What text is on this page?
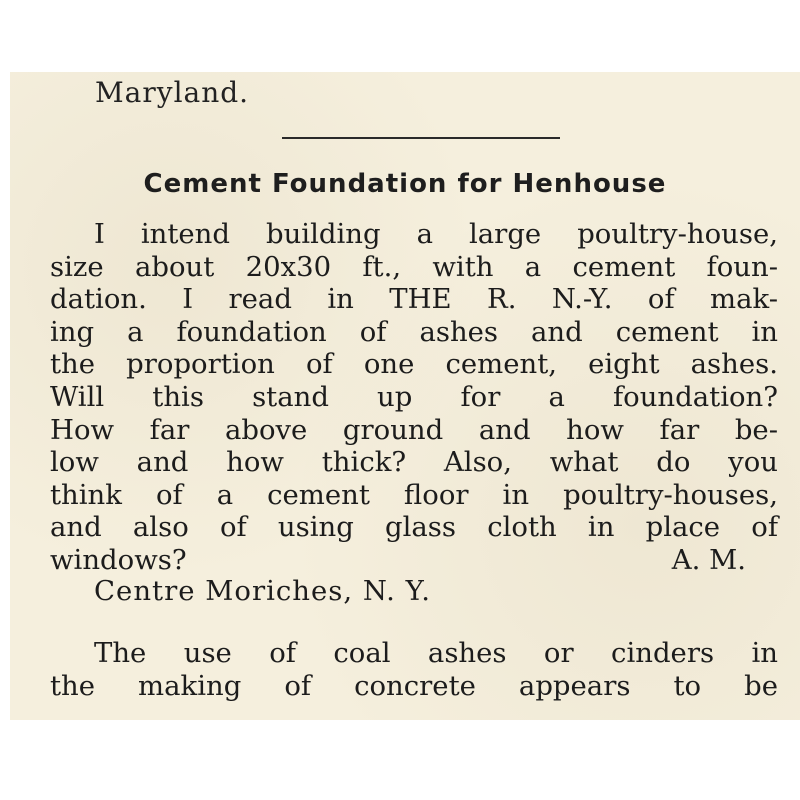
Maryland.

Cement Foundation for Henhouse
I intend building a large poultry-house,
size about 20x30 ft., with a cement foun-
dation. I read in THE R. N.-Y. of mak-
ing a foundation of ashes and cement in
the proportion of one cement, eight ashes.
Will this stand up for a foundation?
How far above ground and how far be-
low and how thick? Also, what do you
think of a cement floor in poultry-houses,
and also of using glass cloth in place of
windows?	A. M.

Centre Moriches, N. Y.

The use of coal ashes or cinders in
the making of concrete appears to be
